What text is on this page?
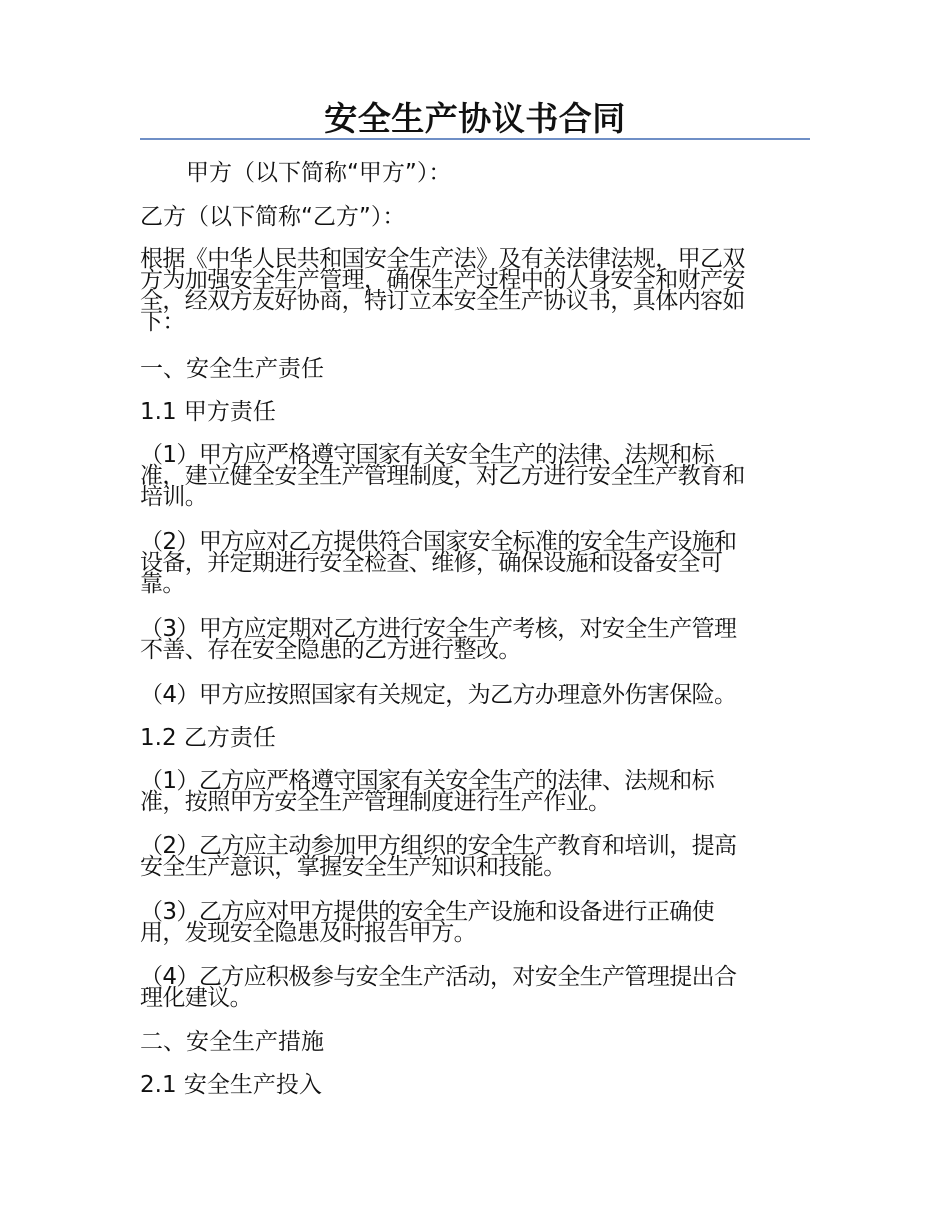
安全生产协议书合同
甲方（以下简称“甲方”）：
乙方（以下简称“乙方”）：
根据《中华人民共和国安全生产法》及有关法律法规，甲乙双
方为加强安全生产管理，确保生产过程中的人身安全和财产安
全，经双方友好协商，特订立本安全生产协议书，具体内容如
下：
一、安全生产责任
1.1 甲方责任
（1）甲方应严格遵守国家有关安全生产的法律、法规和标
准，建立健全安全生产管理制度，对乙方进行安全生产教育和
培训。
（2）甲方应对乙方提供符合国家安全标准的安全生产设施和
设备，并定期进行安全检查、维修，确保设施和设备安全可
靠。
（3）甲方应定期对乙方进行安全生产考核，对安全生产管理
不善、存在安全隐患的乙方进行整改。
（4）甲方应按照国家有关规定，为乙方办理意外伤害保险。
1.2 乙方责任
（1）乙方应严格遵守国家有关安全生产的法律、法规和标
准，按照甲方安全生产管理制度进行生产作业。
（2）乙方应主动参加甲方组织的安全生产教育和培训，提高
安全生产意识，掌握安全生产知识和技能。
（3）乙方应对甲方提供的安全生产设施和设备进行正确使
用，发现安全隐患及时报告甲方。
（4）乙方应积极参与安全生产活动，对安全生产管理提出合
理化建议。
二、安全生产措施
2.1 安全生产投入
